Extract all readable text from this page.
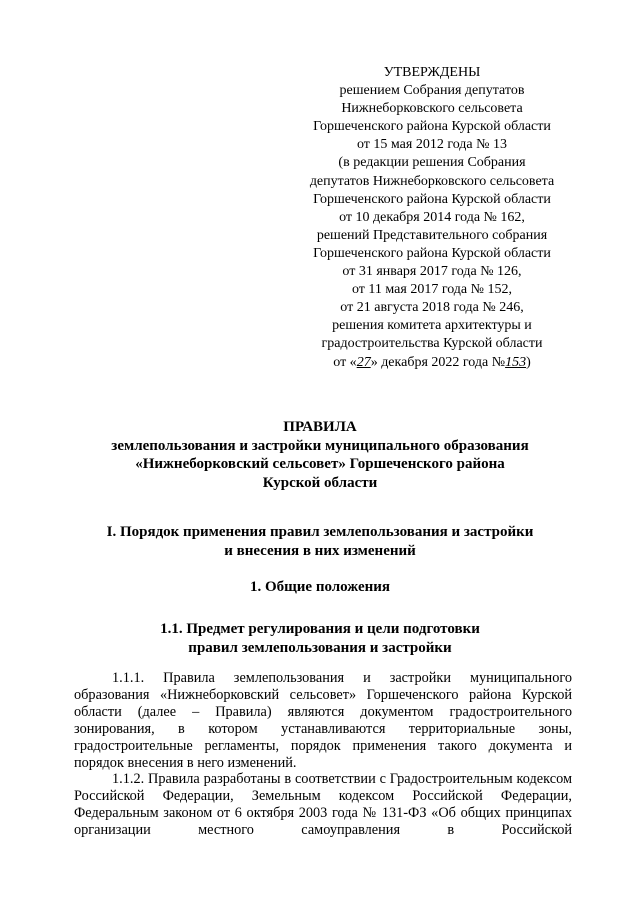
УТВЕРЖДЕНЫ
решением Собрания депутатов
Нижнеборковского сельсовета
Горшеченского района Курской области
от 15 мая 2012 года № 13
(в редакции решения Собрания
депутатов Нижнеборковского сельсовета
Горшеченского района Курской области
от 10 декабря 2014 года № 162,
решений Представительного собрания
Горшеченского района Курской области
от 31 января 2017 года № 126,
от 11 мая 2017 года № 152,
от 21 августа 2018 года № 246,
решения комитета архитектуры и
градостроительства Курской области
от «27» декабря 2022 года №153)
ПРАВИЛА
землепользования и застройки муниципального образования
«Нижнеборковский сельсовет» Горшеченского района
Курской области
I. Порядок применения правил землепользования и застройки
и внесения в них изменений
1. Общие положения
1.1. Предмет регулирования и цели подготовки
правил землепользования и застройки

1.1.1. Правила землепользования и застройки муниципального образования «Нижнеборковский сельсовет» Горшеченского района Курской области (далее – Правила) являются документом градостроительного зонирования, в котором устанавливаются территориальные зоны, градостроительные регламенты, порядок применения такого документа и порядок внесения в него изменений.

1.1.2. Правила разработаны в соответствии с Градостроительным кодексом Российской Федерации, Земельным кодексом Российской Федерации, Федеральным законом от 6 октября 2003 года № 131-ФЗ «Об общих принципах организации местного самоуправления в Российской
